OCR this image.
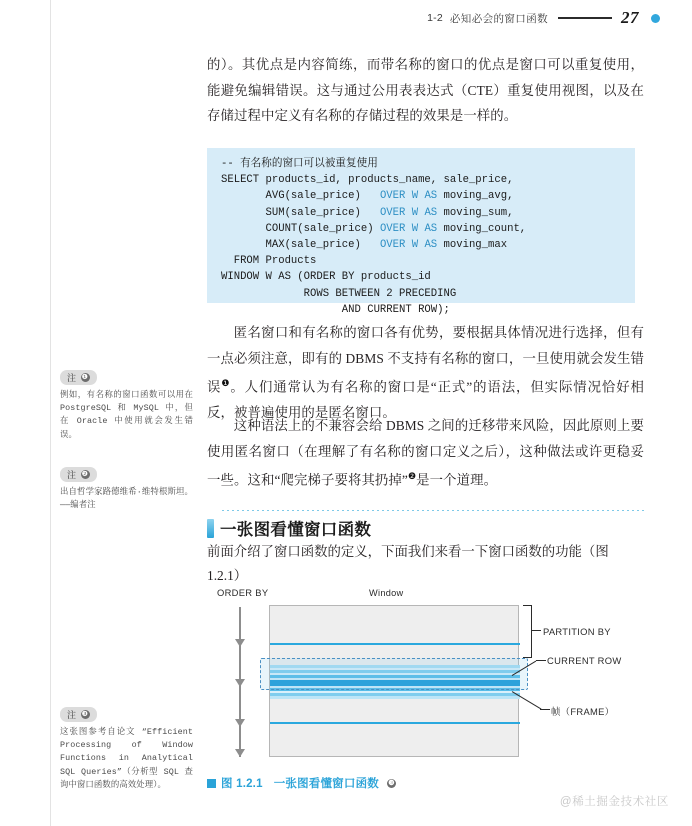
1-2 必知必会的窗口函数	27

的）。其优点是内容简练，而带名称的窗口的优点是窗口可以重复使用，能避免编辑错误。这与通过公用表表达式（CTE）重复使用视图，以及在存储过程中定义有名称的存储过程的效果是一样的。

-- 有名称的窗口可以被重复使用
SELECT products_id, products_name, sale_price,
AVG(sale_price)   OVER W AS moving_avg,
SUM(sale_price)   OVER W AS moving_sum,
COUNT(sale_price) OVER W AS moving_count,
MAX(sale_price)   OVER W AS moving_max
FROM Products
WINDOW W AS (ORDER BY products_id
ROWS BETWEEN 2 PRECEDING
AND CURRENT ROW);

匿名窗口和有名称的窗口各有优势，要根据具体情况进行选择，但有一点必须注意，即有的 DBMS 不支持有名称的窗口，一旦使用就会发生错误$^❶$。人们通常认为有名称的窗口是“正式”的语法，但实际情况恰好相反，被普遍使用的是匿名窗口。

这种语法上的不兼容会给 DBMS 之间的迁移带来风险，因此原则上要使用匿名窗口（在理解了有名称的窗口定义之后），这种做法或许更稳妥一些。这和“爬完梯子要将其扔掉”$^❷$是一个道理。

一张图看懂窗口函数
前面介绍了窗口函数的定义，下面我们来看一下窗口函数的功能（图 1.2.1）
注 ❶
例如，有名称的窗口函数可以用在 PostgreSQL 和 MySQL 中，但在 Oracle 中使用就会发生错误。
注 ❷
出自哲学家路德维希·维特根斯坦。——编者注
注 ❸
这张图参考自论文 “Efficient Processing of Window Functions in Analytical SQL Queries”（分析型 SQL 查询中窗口函数的高效处理）。
ORDER BY	Window
PARTITION BY
CURRENT ROW
帧（FRAME）
图 1.2.1 一张图看懂窗口函数 ❸
@稀土掘金技术社区
